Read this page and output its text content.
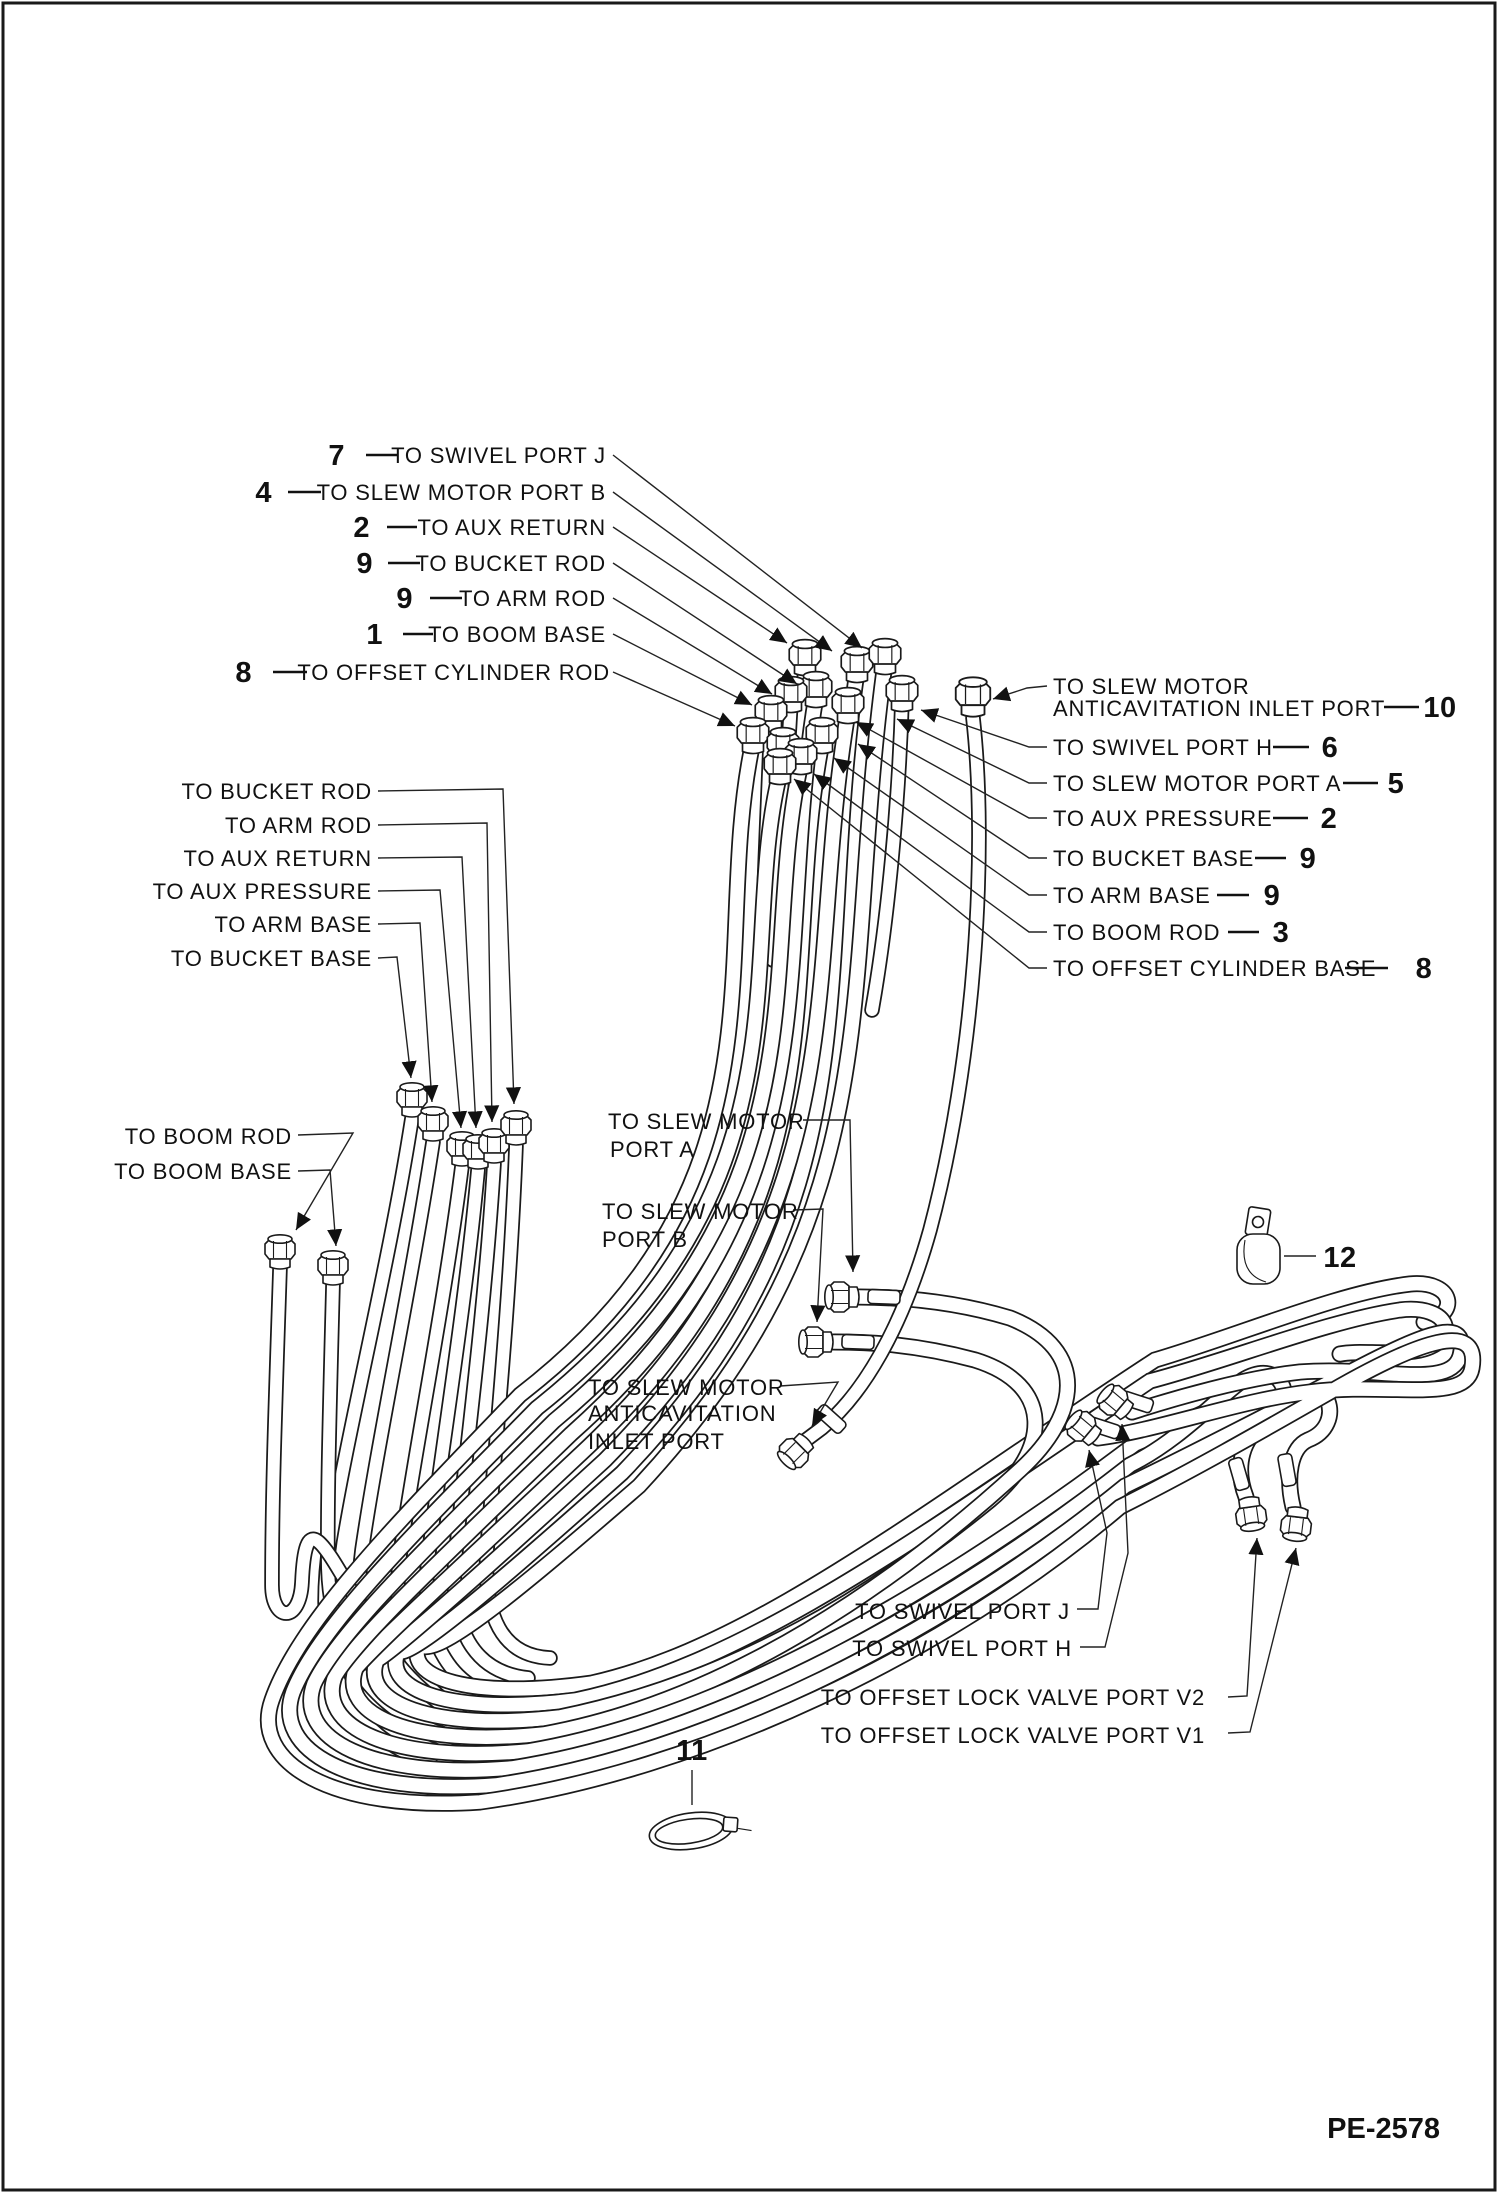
7 TO SWIVEL PORT J
4 TO SLEW MOTOR PORT B
2 TO AUX RETURN
9 TO BUCKET ROD
9 TO ARM ROD
1 TO BOOM BASE
8 TO OFFSET CYLINDER ROD
TO BUCKET ROD
TO ARM ROD
TO AUX RETURN
TO AUX PRESSURE
TO ARM BASE
TO BUCKET BASE
TO BOOM ROD
TO BOOM BASE
TO SLEW MOTOR
ANTICAVITATION INLET PORT 10
TO SWIVEL PORT H 6
TO SLEW MOTOR PORT A 5
TO AUX PRESSURE 2
TO BUCKET BASE 9
TO ARM BASE 9
TO BOOM ROD 3
TO OFFSET CYLINDER BASE 8
TO SLEW MOTOR
PORT A
TO SLEW MOTOR
PORT B
TO SLEW MOTOR
ANTICAVITATION
INLET PORT
TO SWIVEL PORT J
TO SWIVEL PORT H
TO OFFSET LOCK VALVE PORT V2
TO OFFSET LOCK VALVE PORT V1
11
12
PE-2578
